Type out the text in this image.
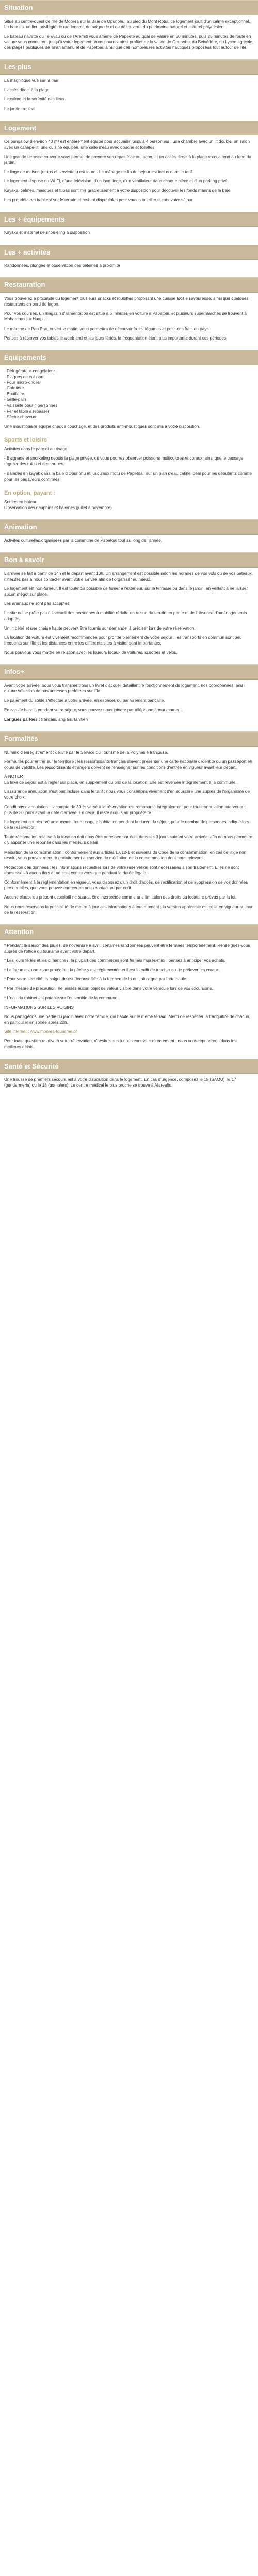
Situation

Situé au centre-ouest de l'Ile de Moorea sur la Baie de Opunohu, au pied du Mont Rotui, ce logement jouit d'un calme exceptionnel. La baie est un lieu privilégié de randonnée, de baignade et de découverte du patrimoine naturel et culturel polynésien.

Le bateau navette du Terevau ou de l'Aremiti vous amène de Papeete au quai de Vaiare en 30 minutes, puis 25 minutes de route en voiture vous conduiront jusqu'à votre logement. Vous pourrez ainsi profiter de la vallée de Opunohu, du Belvédère, du Lycée agricole, des plages publiques de Ta'ahiamanu et de Papetoai, ainsi que des nombreuses activités nautiques proposées tout autour de l'île.

Les plus

La magnifique vue sur la mer

L'accès direct à la plage

Le calme et la sérénité des lieux

Le jardin tropical

Logement

Ce bungalow d'environ 40 m² est entièrement équipé pour accueillir jusqu'à 4 personnes : une chambre avec un lit double, un salon avec un canapé-lit, une cuisine équipée, une salle d'eau avec douche et toilettes.

Une grande terrasse couverte vous permet de prendre vos repas face au lagon, et un accès direct à la plage vous attend au fond du jardin.

Le linge de maison (draps et serviettes) est fourni. Le ménage de fin de séjour est inclus dans le tarif.

Le logement dispose du Wi-Fi, d'une télévision, d'un lave-linge, d'un ventilateur dans chaque pièce et d'un parking privé.

Kayaks, palmes, masques et tubas sont mis gracieusement à votre disposition pour découvrir les fonds marins de la baie.

Les propriétaires habitent sur le terrain et restent disponibles pour vous conseiller durant votre séjour.

Les + équipements

Kayaks et matériel de snorkeling à disposition

Les + activités

Randonnées, plongée et observation des baleines à proximité

Restauration

Vous trouverez à proximité du logement plusieurs snacks et roulottes proposant une cuisine locale savoureuse, ainsi que quelques restaurants en bord de lagon.

Pour vos courses, un magasin d'alimentation est situé à 5 minutes en voiture à Papetoai, et plusieurs supermarchés se trouvent à Maharepa et à Haapiti.

Le marché de Pao Pao, ouvert le matin, vous permettra de découvrir fruits, légumes et poissons frais du pays.

Pensez à réserver vos tables le week-end et les jours fériés, la fréquentation étant plus importante durant ces périodes.

Équipements

- Réfrigérateur-congélateur
- Plaques de cuisson
- Four micro-ondes
- Cafetière
- Bouilloire
- Grille-pain
- Vaisselle pour 4 personnes
- Fer et table à repasser
- Sèche-cheveux

Une moustiquaire équipe chaque couchage, et des produits anti-moustiques sont mis à votre disposition.

Sports et loisirs

Activités dans le parc et au rivage

- Baignade et snorkeling depuis la plage privée, où vous pourrez observer poissons multicolores et coraux, ainsi que le passage régulier des raies et des tortues.

- Balades en kayak dans la baie d'Opunohu et jusqu'aux motu de Papetoai, sur un plan d'eau calme idéal pour les débutants comme pour les pagayeurs confirmés.

En option, payant :

Sorties en bateau
Observation des dauphins et baleines (juillet à novembre)

Animation

Activités culturelles organisées par la commune de Papetoai tout au long de l'année.

Bon à savoir

L'arrivée se fait à partir de 14h et le départ avant 10h. Un arrangement est possible selon les horaires de vos vols ou de vos bateaux, n'hésitez pas à nous contacter avant votre arrivée afin de l'organiser au mieux.

Le logement est non-fumeur. Il est toutefois possible de fumer à l'extérieur, sur la terrasse ou dans le jardin, en veillant à ne laisser aucun mégot sur place.

Les animaux ne sont pas acceptés.

Le site ne se prête pas à l'accueil des personnes à mobilité réduite en raison du terrain en pente et de l'absence d'aménagements adaptés.

Un lit bébé et une chaise haute peuvent être fournis sur demande, à préciser lors de votre réservation.

La location de voiture est vivement recommandée pour profiter pleinement de votre séjour : les transports en commun sont peu fréquents sur l'île et les distances entre les différents sites à visiter sont importantes.

Nous pouvons vous mettre en relation avec les loueurs locaux de voitures, scooters et vélos.

Infos+

Avant votre arrivée, nous vous transmettrons un livret d'accueil détaillant le fonctionnement du logement, nos coordonnées, ainsi qu'une sélection de nos adresses préférées sur l'île.

Le paiement du solde s'effectue à votre arrivée, en espèces ou par virement bancaire.

En cas de besoin pendant votre séjour, vous pouvez nous joindre par téléphone à tout moment.

Langues parlées : français, anglais, tahitien

Formalités

Numéro d'enregistrement : délivré par le Service du Tourisme de la Polynésie française.

Formalités pour entrer sur le territoire : les ressortissants français doivent présenter une carte nationale d'identité ou un passeport en cours de validité. Les ressortissants étrangers doivent se renseigner sur les conditions d'entrée en vigueur avant leur départ.

À NOTER
La taxe de séjour est à régler sur place, en supplément du prix de la location. Elle est reversée intégralement à la commune.

L'assurance annulation n'est pas incluse dans le tarif ; nous vous conseillons vivement d'en souscrire une auprès de l'organisme de votre choix.

Conditions d'annulation : l'acompte de 30 % versé à la réservation est remboursé intégralement pour toute annulation intervenant plus de 30 jours avant la date d'arrivée. En deçà, il reste acquis au propriétaire.

Le logement est réservé uniquement à un usage d'habitation pendant la durée du séjour, pour le nombre de personnes indiqué lors de la réservation.

Toute réclamation relative à la location doit nous être adressée par écrit dans les 3 jours suivant votre arrivée, afin de nous permettre d'y apporter une réponse dans les meilleurs délais.

Médiation de la consommation : conformément aux articles L.612-1 et suivants du Code de la consommation, en cas de litige non résolu, vous pouvez recourir gratuitement au service de médiation de la consommation dont nous relevons.

Protection des données : les informations recueillies lors de votre réservation sont nécessaires à son traitement. Elles ne sont transmises à aucun tiers et ne sont conservées que pendant la durée légale.

Conformément à la réglementation en vigueur, vous disposez d'un droit d'accès, de rectification et de suppression de vos données personnelles, que vous pouvez exercer en nous contactant par écrit.

Aucune clause du présent descriptif ne saurait être interprétée comme une limitation des droits du locataire prévus par la loi.

Nous nous réservons la possibilité de mettre à jour ces informations à tout moment ; la version applicable est celle en vigueur au jour de la réservation.

Attention

* Pendant la saison des pluies, de novembre à avril, certaines randonnées peuvent être fermées temporairement. Renseignez-vous auprès de l'office du tourisme avant votre départ.

* Les jours fériés et les dimanches, la plupart des commerces sont fermés l'après-midi ; pensez à anticiper vos achats.

* Le lagon est une zone protégée : la pêche y est réglementée et il est interdit de toucher ou de prélever les coraux.

* Pour votre sécurité, la baignade est déconseillée à la tombée de la nuit ainsi que par forte houle.

* Par mesure de précaution, ne laissez aucun objet de valeur visible dans votre véhicule lors de vos excursions.

* L'eau du robinet est potable sur l'ensemble de la commune.

INFORMATIONS SUR LES VOISINS

Nous partageons une partie du jardin avec notre famille, qui habite sur le même terrain. Merci de respecter la tranquillité de chacun, en particulier en soirée après 22h.

Site internet : www.moorea-tourisme.pf

Pour toute question relative à votre réservation, n'hésitez pas à nous contacter directement ; nous vous répondrons dans les meilleurs délais.

Santé et Sécurité

Une trousse de premiers secours est à votre disposition dans le logement. En cas d'urgence, composez le 15 (SAMU), le 17 (gendarmerie) ou le 18 (pompiers). Le centre médical le plus proche se trouve à Afareaitu.
